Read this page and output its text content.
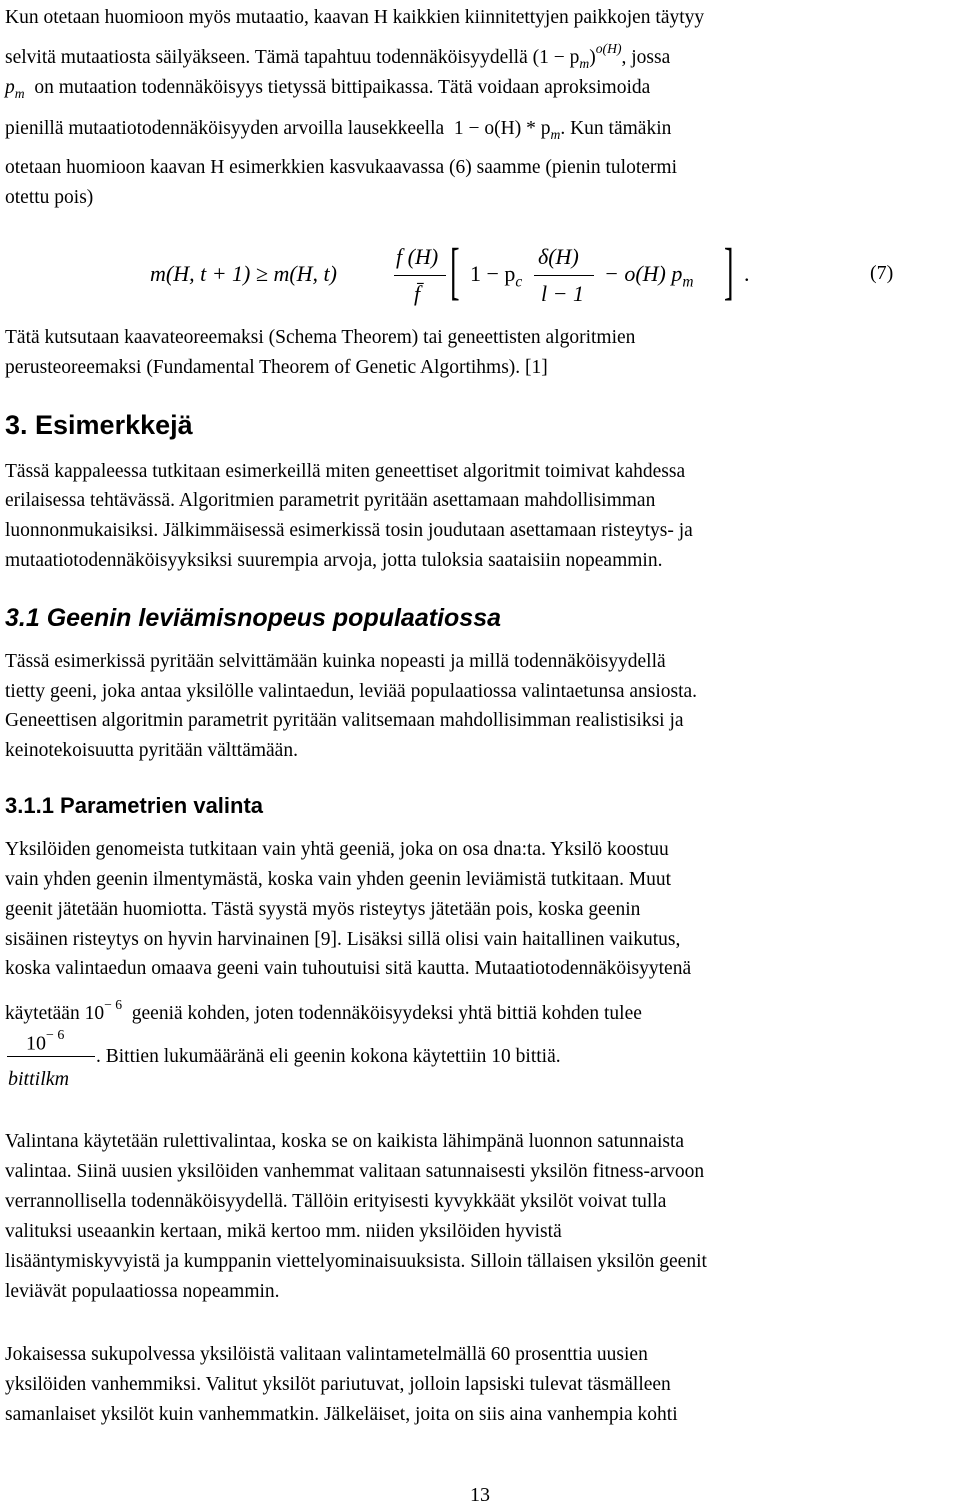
Kun otetaan huomioon myös mutaatio, kaavan H kaikkien kiinnitettyjen paikkojen täytyy

selvitä mutaatiosta säilyäkseen. Tämä tapahtuu todennäköisyydellä $(1 - p_m)^{o(H)}$, jossa

$p_m$ on mutaation todennäköisyys tietyssä bittipaikassa. Tätä voidaan aproksimoida

pienillä mutaatiotodennäköisyyden arvoilla lausekkeella $1 - o(H) * p_m$. Kun tämäkin

otetaan huomioon kaavan H esimerkkien kasvukaavassa (6) saamme (pienin tulotermi

otettu pois)

m(H, t + 1) ≥ m(H, t)
f (H)
f̄ [ $1 - p_c$
δ(H)
l − 1
− o(H) $p_m$ ] .	(7)

Tätä kutsutaan kaavateoreemaksi (Schema Theorem) tai geneettisten algoritmien

perusteoreemaksi (Fundamental Theorem of Genetic Algortihms). [1]

3. Esimerkkejä

Tässä kappaleessa tutkitaan esimerkeillä miten geneettiset algoritmit toimivat kahdessa

erilaisessa tehtävässä. Algoritmien parametrit pyritään asettamaan mahdollisimman

luonnonmukaisiksi. Jälkimmäisessä esimerkissä tosin joudutaan asettamaan risteytys- ja

mutaatiotodennäköisyyksiksi suurempia arvoja, jotta tuloksia saataisiin nopeammin.

3.1 Geenin leviämisnopeus populaatiossa

Tässä esimerkissä pyritään selvittämään kuinka nopeasti ja millä todennäköisyydellä

tietty geeni, joka antaa yksilölle valintaedun, leviää populaatiossa valintaetunsa ansiosta.

Geneettisen algoritmin parametrit pyritään valitsemaan mahdollisimman realistisiksi ja

keinotekoisuutta pyritään välttämään.

3.1.1 Parametrien valinta

Yksilöiden genomeista tutkitaan vain yhtä geeniä, joka on osa dna:ta. Yksilö koostuu

vain yhden geenin ilmentymästä, koska vain yhden geenin leviämistä tutkitaan. Muut

geenit jätetään huomiotta. Tästä syystä myös risteytys jätetään pois, koska geenin

sisäinen risteytys on hyvin harvinainen [9]. Lisäksi sillä olisi vain haitallinen vaikutus,

koska valintaedun omaava geeni vain tuhoutuisi sitä kautta. Mutaatiotodennäköisyytenä

käytetään $10^{- 6}$ geeniä kohden, joten todennäköisyydeksi yhtä bittiä kohden tulee

$10^{- 6}$
bittilkm

. Bittien lukumääränä eli geenin kokona käytettiin 10 bittiä.

Valintana käytetään rulettivalintaa, koska se on kaikista lähimpänä luonnon satunnaista

valintaa. Siinä uusien yksilöiden vanhemmat valitaan satunnaisesti yksilön fitness-arvoon

verrannollisella todennäköisyydellä. Tällöin erityisesti kyvykkäät yksilöt voivat tulla

valituksi useaankin kertaan, mikä kertoo mm. niiden yksilöiden hyvistä

lisääntymiskyvyistä ja kumppanin viettelyominaisuuksista. Silloin tällaisen yksilön geenit

leviävät populaatiossa nopeammin.

Jokaisessa sukupolvessa yksilöistä valitaan valintametelmällä 60 prosenttia uusien

yksilöiden vanhemmiksi. Valitut yksilöt pariutuvat, jolloin lapsiski tulevat täsmälleen

samanlaiset yksilöt kuin vanhemmatkin. Jälkeläiset, joita on siis aina vanhempia kohti

13
